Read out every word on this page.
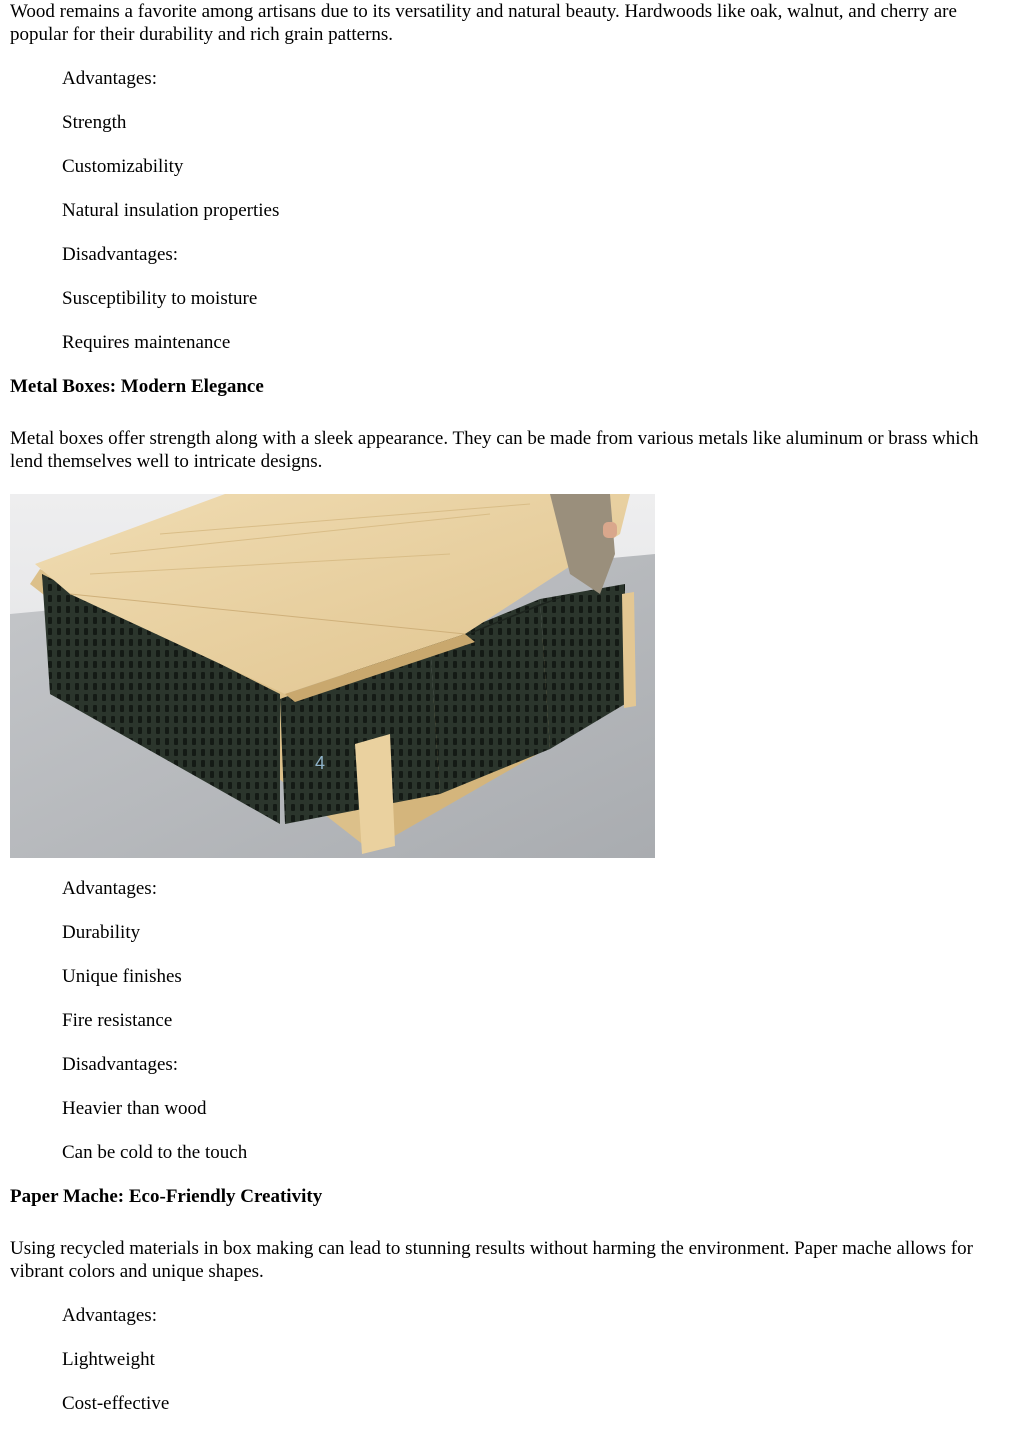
Wood remains a favorite among artisans due to its versatility and natural beauty. Hardwoods like oak, walnut, and cherry are popular for their durability and rich grain patterns.

Advantages:
Strength
Customizability
Natural insulation properties
Disadvantages:
Susceptibility to moisture
Requires maintenance

Metal Boxes: Modern Elegance

Metal boxes offer strength along with a sleek appearance. They can be made from various metals like aluminum or brass which lend themselves well to intricate designs.

4
Advantages:
Durability
Unique finishes
Fire resistance
Disadvantages:
Heavier than wood
Can be cold to the touch

Paper Mache: Eco-Friendly Creativity

Using recycled materials in box making can lead to stunning results without harming the environment. Paper mache allows for vibrant colors and unique shapes.

Advantages:
Lightweight
Cost-effective
